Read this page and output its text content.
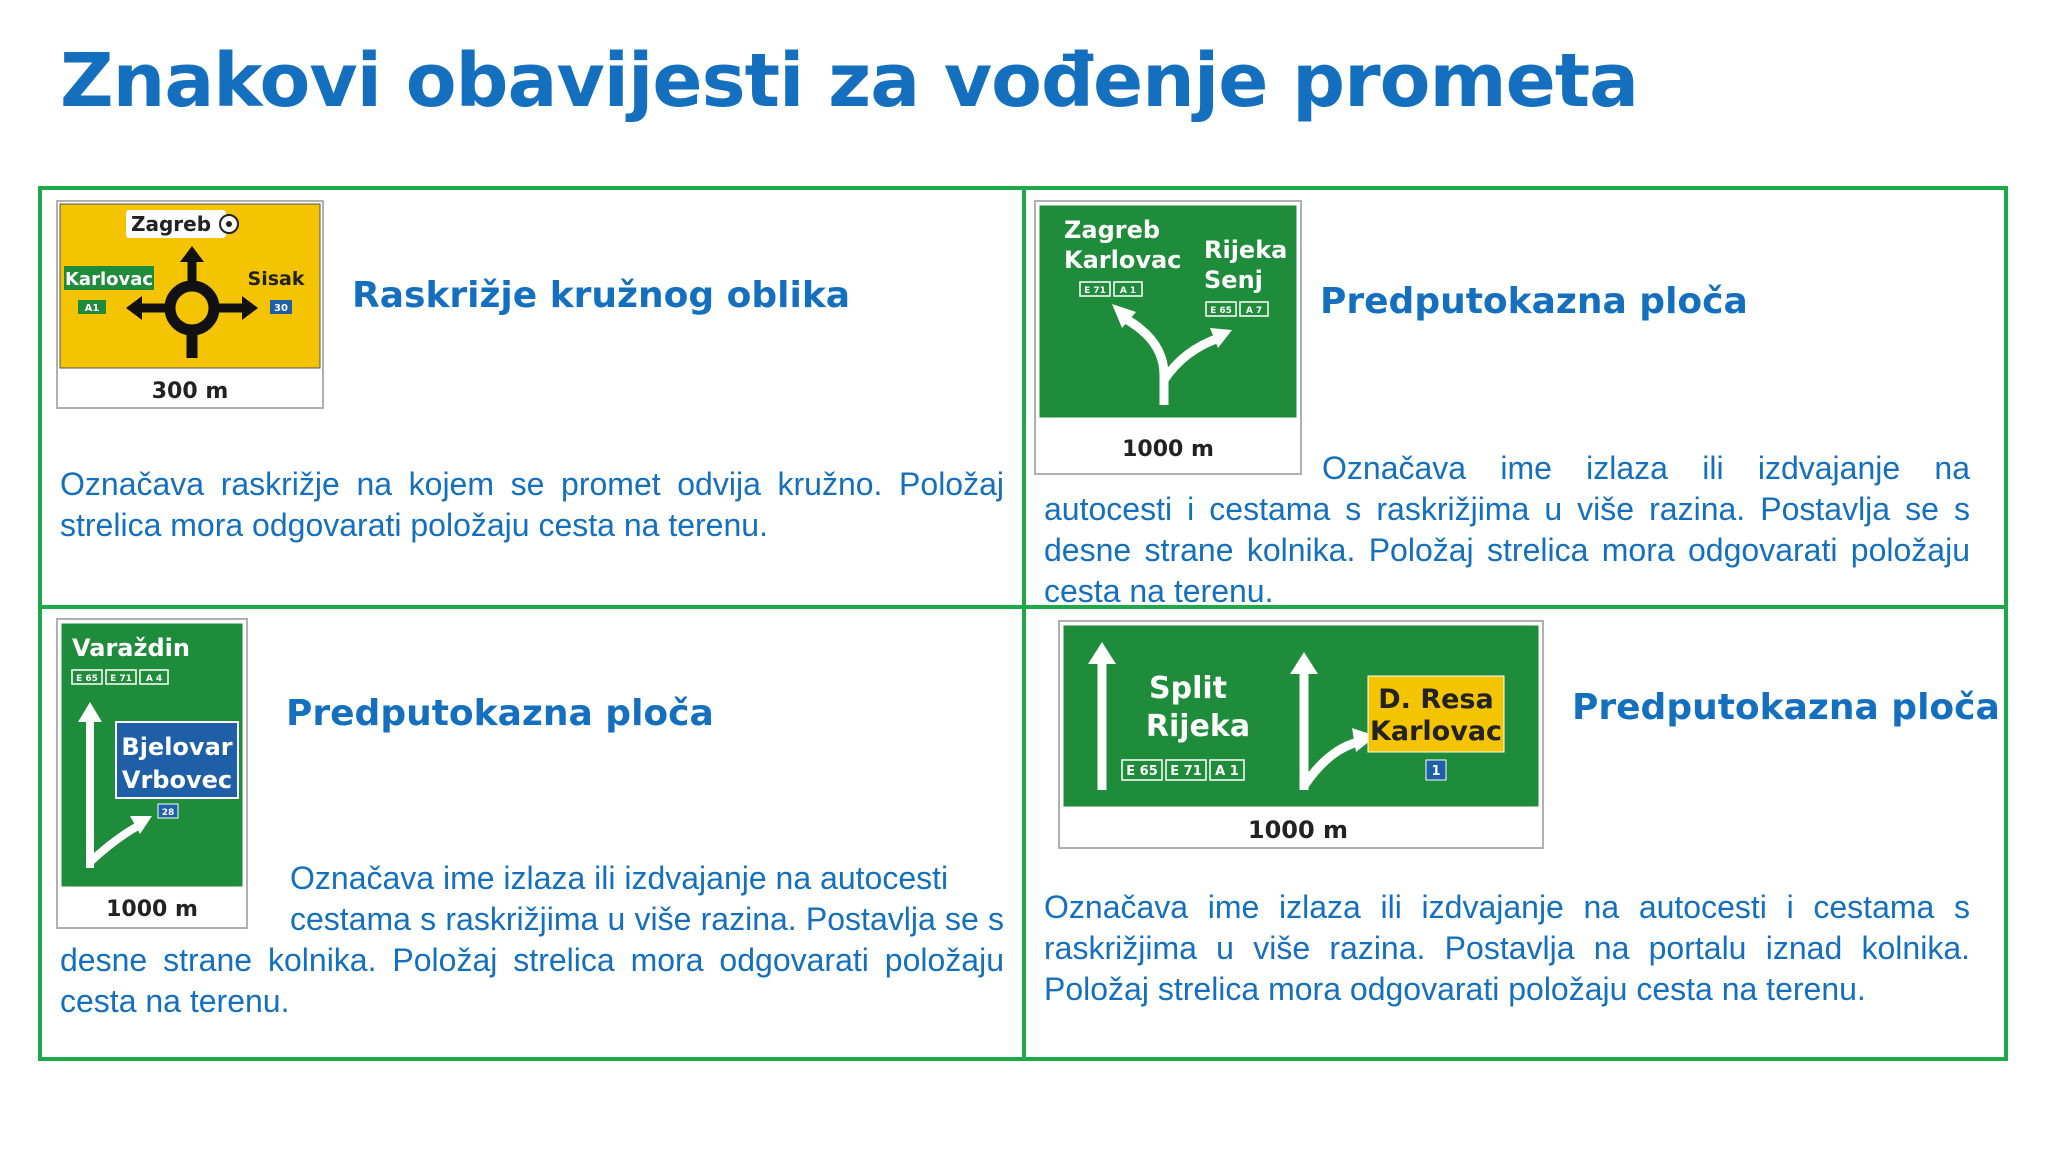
Znakovi obavijesti za vođenje prometa
Zagreb
Karlovac	Sisak
A1	30
300 m
Raskrižje kružnog oblika

Označava raskrižje na kojem se promet odvija kružno. Položaj strelica mora odgovarati položaju cesta na terenu.

Zagreb
Karlovac
E 71 A 1
Rijeka
Senj
E 65 A 7
1000 m
Predputokazna ploča

Označava ime izlaza ili izdvajanje na

autocesti i cestama s raskrižjima u više razina. Postavlja se s desne strane kolnika. Položaj strelica mora odgovarati položaju cesta na terenu.

Varaždin
E 65 E 71 A 4
Bjelovar
Vrbovec
28
1000 m
Predputokazna ploča

Označava ime izlaza ili izdvajanje na autocesti

cestama s raskrižjima u više razina. Postavlja se s desne strane kolnika. Položaj strelica mora odgovarati položaju cesta na terenu.

Split
Rijeka
E 65 E 71 A 1
D. Resa
Karlovac
1
1000 m
Predputokazna ploča

Označava ime izlaza ili izdvajanje na autocesti i cestama s raskrižjima u više razina. Postavlja na portalu iznad kolnika. Položaj strelica mora odgovarati položaju cesta na terenu.
